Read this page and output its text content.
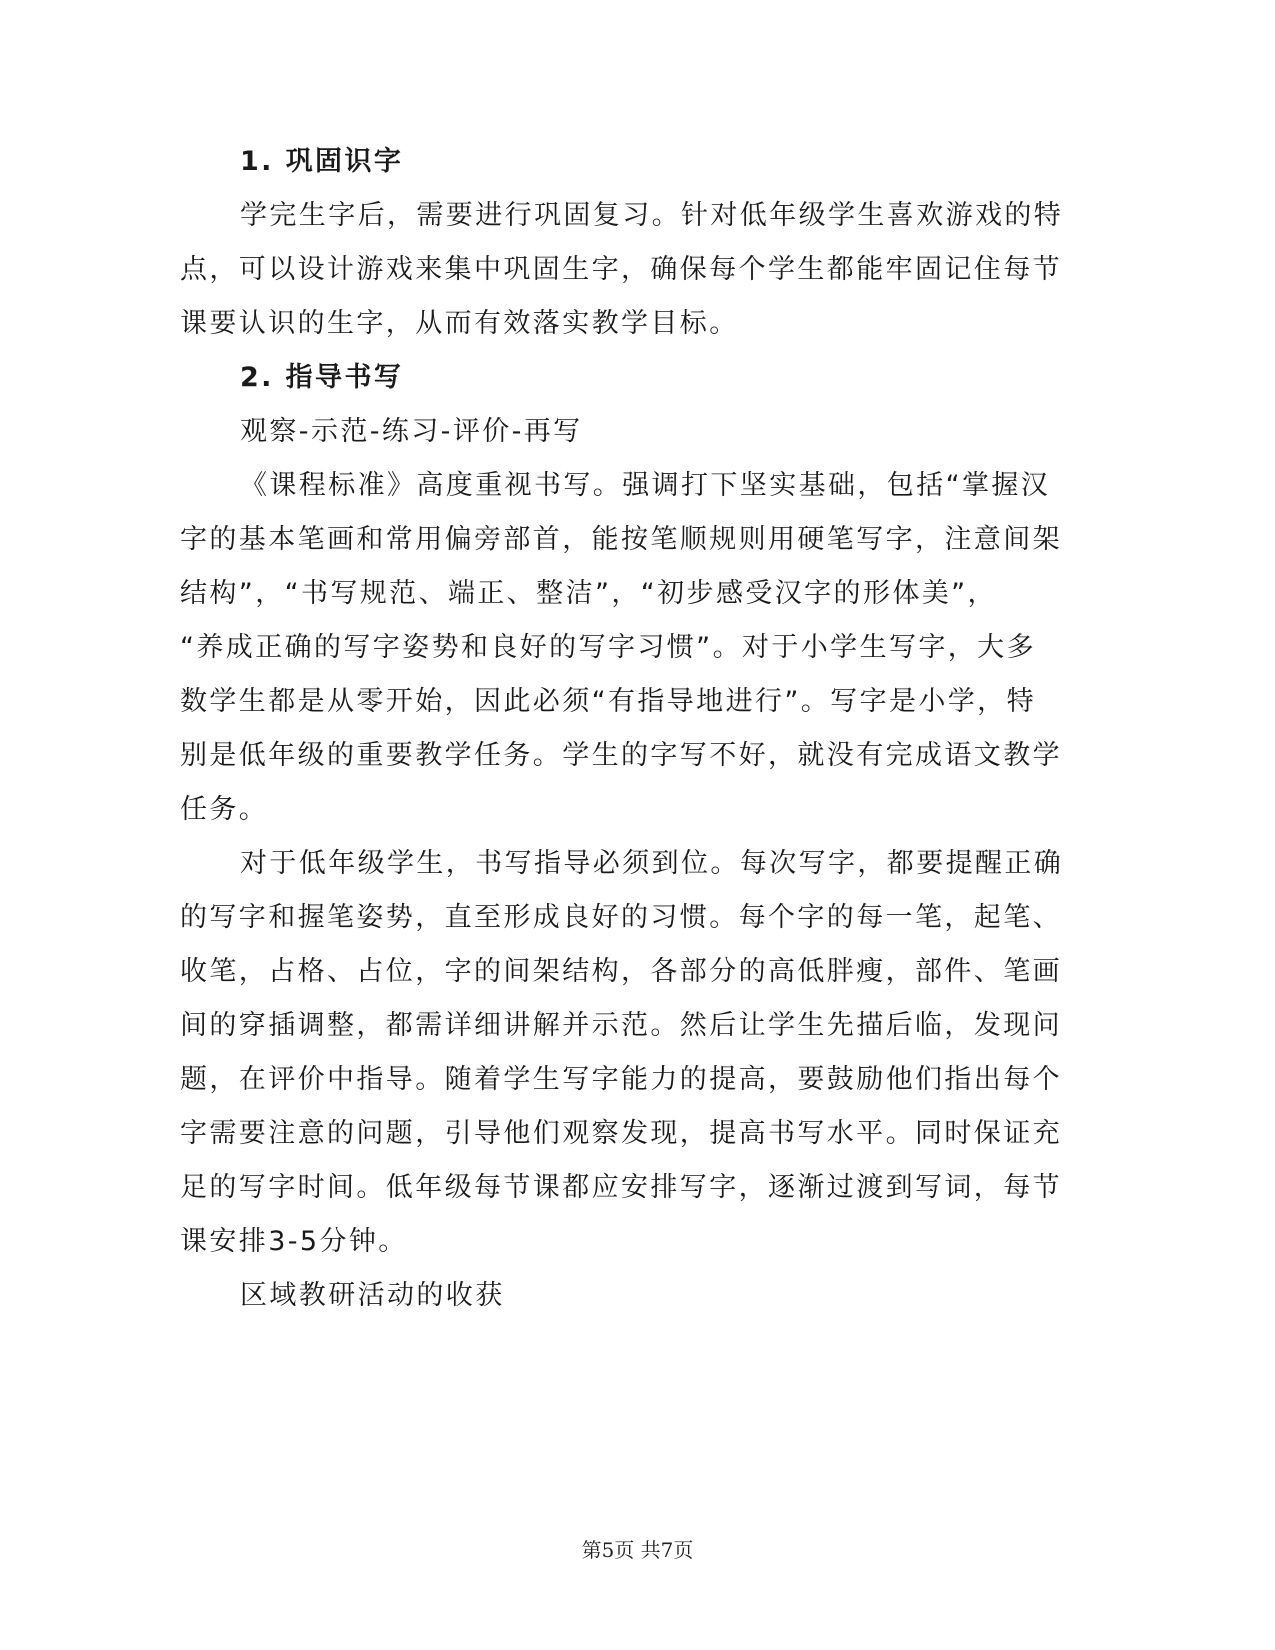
1. 巩固识字

学完生字后，需要进行巩固复习。针对低年级学生喜欢游戏的特

点，可以设计游戏来集中巩固生字，确保每个学生都能牢固记住每节

课要认识的生字，从而有效落实教学目标。

2. 指导书写

观察-示范-练习-评价-再写

《课程标准》高度重视书写。强调打下坚实基础，包括“掌握汉

字的基本笔画和常用偏旁部首，能按笔顺规则用硬笔写字，注意间架

结构”，“书写规范、端正、整洁”，“初步感受汉字的形体美”，

“养成正确的写字姿势和良好的写字习惯”。对于小学生写字，大多

数学生都是从零开始，因此必须“有指导地进行”。写字是小学，特

别是低年级的重要教学任务。学生的字写不好，就没有完成语文教学

任务。

对于低年级学生，书写指导必须到位。每次写字，都要提醒正确

的写字和握笔姿势，直至形成良好的习惯。每个字的每一笔，起笔、

收笔，占格、占位，字的间架结构，各部分的高低胖瘦，部件、笔画

间的穿插调整，都需详细讲解并示范。然后让学生先描后临，发现问

题，在评价中指导。随着学生写字能力的提高，要鼓励他们指出每个

字需要注意的问题，引导他们观察发现，提高书写水平。同时保证充

足的写字时间。低年级每节课都应安排写字，逐渐过渡到写词，每节

课安排3-5分钟。

区域教研活动的收获

第5页 共7页
